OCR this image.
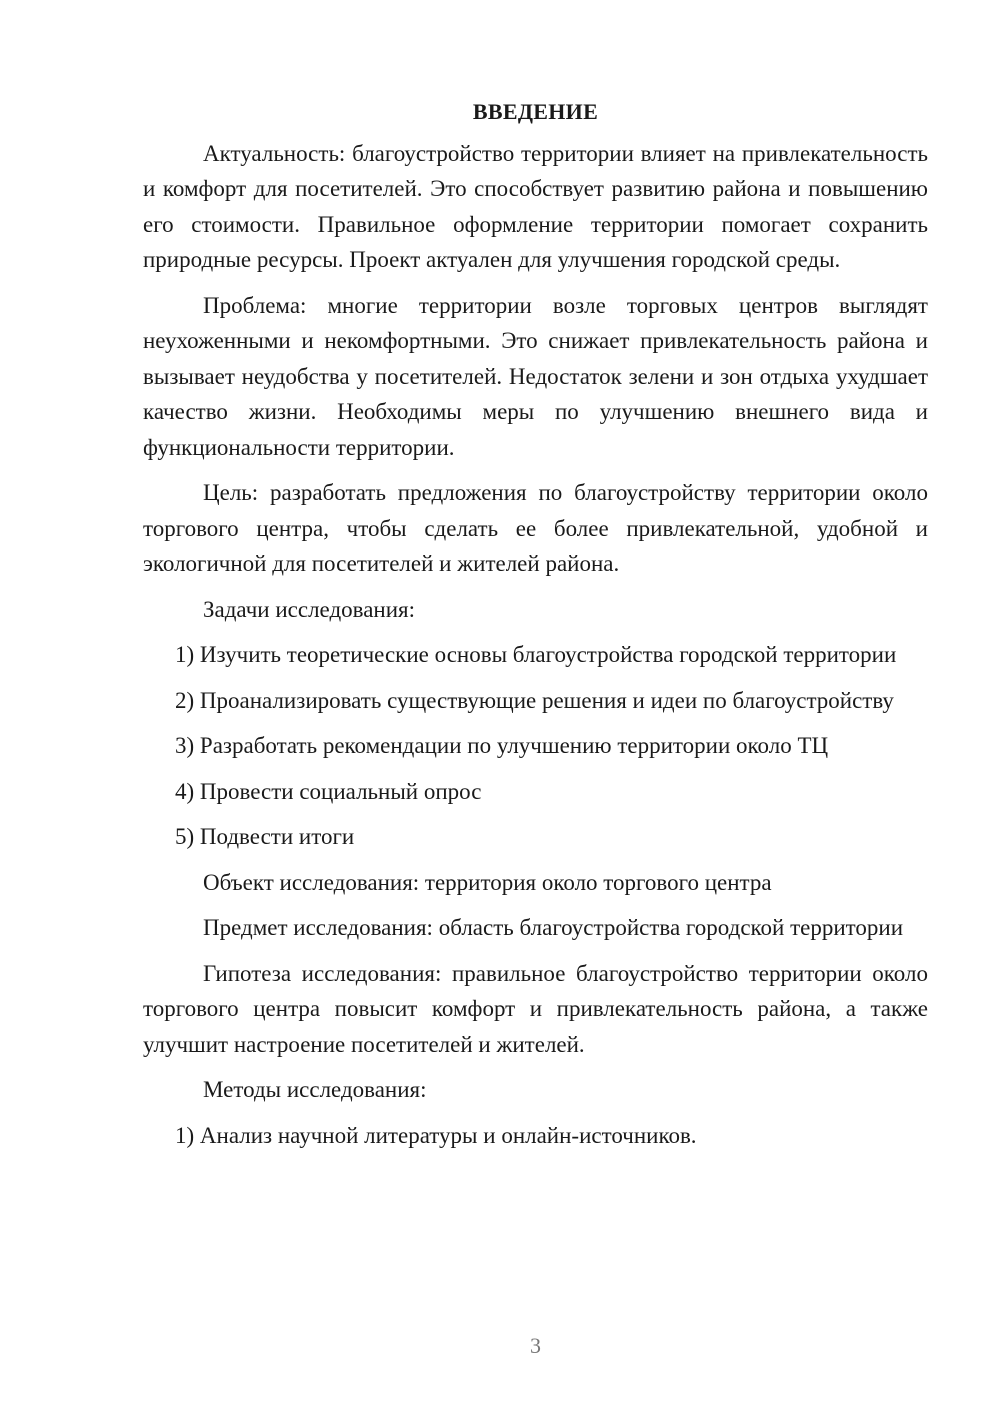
ВВЕДЕНИЕ

Актуальность: благоустройство территории влияет на привлекательность и комфорт для посетителей. Это способствует развитию района и повышению его стоимости. Правильное оформление территории помогает сохранить природные ресурсы. Проект актуален для улучшения городской среды.

Проблема: многие территории возле торговых центров выглядят неухоженными и некомфортными. Это снижает привлекательность района и вызывает неудобства у посетителей. Недостаток зелени и зон отдыха ухудшает качество жизни. Необходимы меры по улучшению внешнего вида и функциональности территории.

Цель: разработать предложения по благоустройству территории около торгового центра, чтобы сделать ее более привлекательной, удобной и экологичной для посетителей и жителей района.

Задачи исследования:

1) Изучить теоретические основы благоустройства городской территории

2) Проанализировать существующие решения и идеи по благоустройству

3) Разработать рекомендации по улучшению территории около ТЦ

4) Провести социальный опрос

5) Подвести итоги

Объект исследования: территория около торгового центра

Предмет исследования: область благоустройства городской территории

Гипотеза исследования: правильное благоустройство территории около торгового центра повысит комфорт и привлекательность района, а также улучшит настроение посетителей и жителей.

Методы исследования:

1) Анализ научной литературы и онлайн-источников.

3
